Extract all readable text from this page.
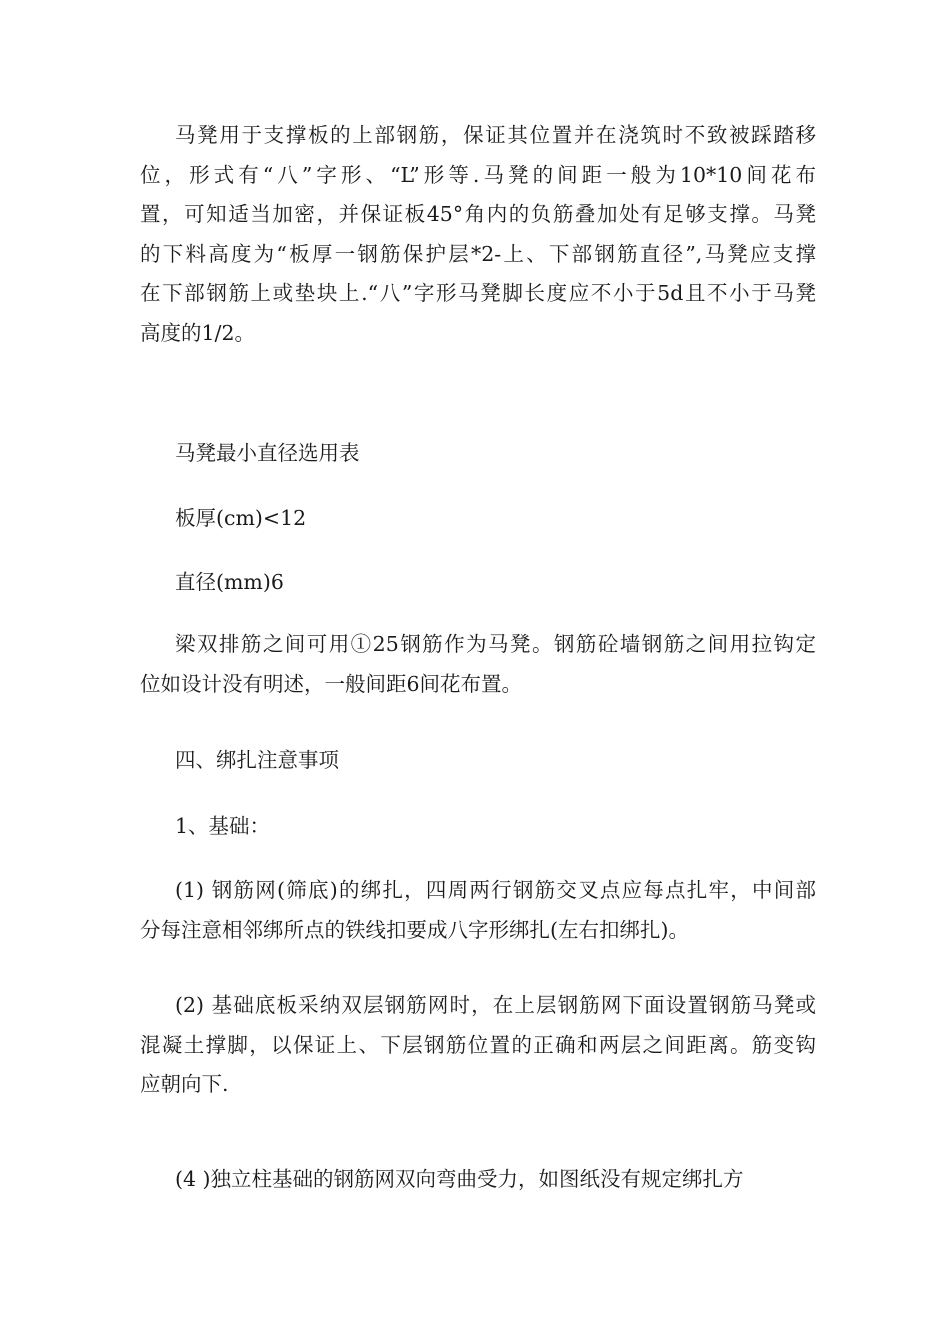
马凳用于支撑板的上部钢筋，保证其位置并在浇筑时不致被踩踏移
位，形式有“八”字形、“L”形等.马凳的间距一般为10*10间花布
置，可知适当加密，并保证板45°角内的负筋叠加处有足够支撑。马凳
的下料高度为“板厚一钢筋保护层*2-上、下部钢筋直径”,马凳应支撑
在下部钢筋上或垫块上.“八”字形马凳脚长度应不小于5d且不小于马凳
高度的1/2。
马凳最小直径选用表
板厚(cm)<12
直径(mm)6
梁双排筋之间可用①25钢筋作为马凳。钢筋砼墙钢筋之间用拉钩定
位如设计没有明述，一般间距6间花布置。
四、绑扎注意事项
1、基础：
(1) 钢筋网(筛底)的绑扎，四周两行钢筋交叉点应每点扎牢，中间部
分每注意相邻绑所点的铁线扣要成八字形绑扎(左右扣绑扎)。
(2) 基础底板采纳双层钢筋网时，在上层钢筋网下面设置钢筋马凳或
混凝土撑脚，以保证上、下层钢筋位置的正确和两层之间距离。筋变钩
应朝向下.
(4 )独立柱基础的钢筋网双向弯曲受力，如图纸没有规定绑扎方
